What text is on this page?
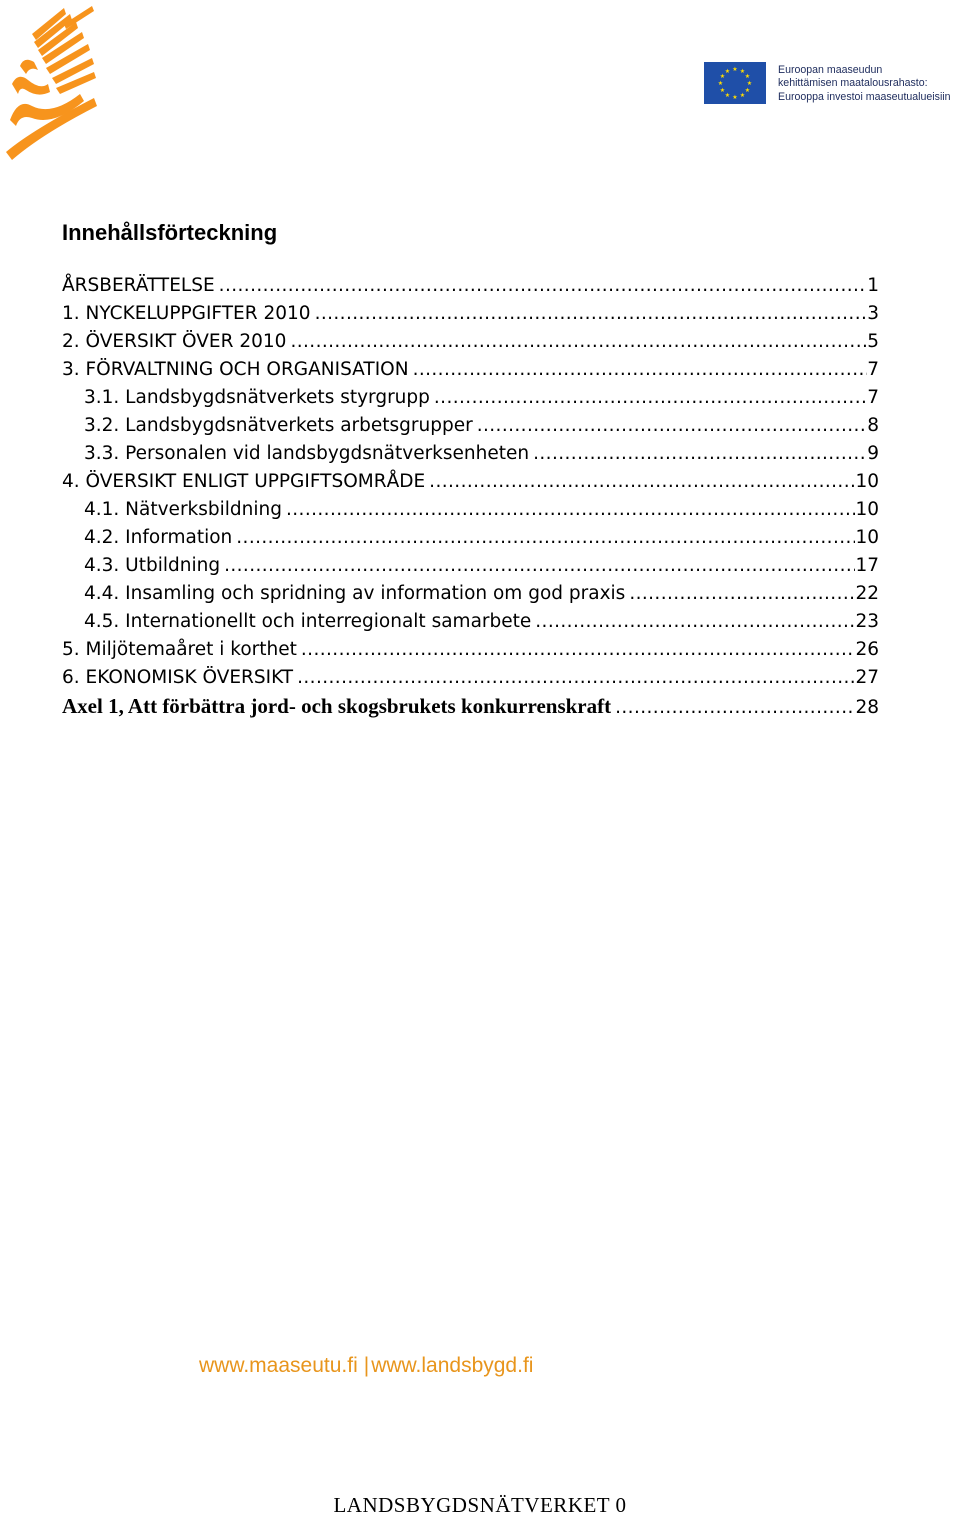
★ ★
★
★
★
★
★
★
★
★
★
★	Euroopan maaseudun
kehittämisen maatalousrahasto:
Eurooppa investoi maaseutualueisiin
Innehållsförteckning
ÅRSBERÄTTELSE .....	1
1. NYCKELUPPGIFTER 2010 .....	3
2. ÖVERSIKT ÖVER 2010 .....	5
3. FÖRVALTNING OCH ORGANISATION .....	7
3.1. Landsbygdsnätverkets styrgrupp .....	7
3.2. Landsbygdsnätverkets arbetsgrupper .....	8
3.3. Personalen vid landsbygdsnätverksenheten .....	9
4. ÖVERSIKT ENLIGT UPPGIFTSOMRÅDE .....	10
4.1. Nätverksbildning .....	10
4.2. Information .....	10
4.3. Utbildning .....	17
4.4. Insamling och spridning av information om god praxis .....	22
4.5. Internationellt och interregionalt samarbete .....	23
5. Miljötemaåret i korthet .....	26
6. EKONOMISK ÖVERSIKT .....	27
Axel 1, Att förbättra jord- och skogsbrukets konkurrenskraft .....	28
www.maaseutu.fi |www.landsbygd.fi
LANDSBYGDSNÄTVERKET 0
